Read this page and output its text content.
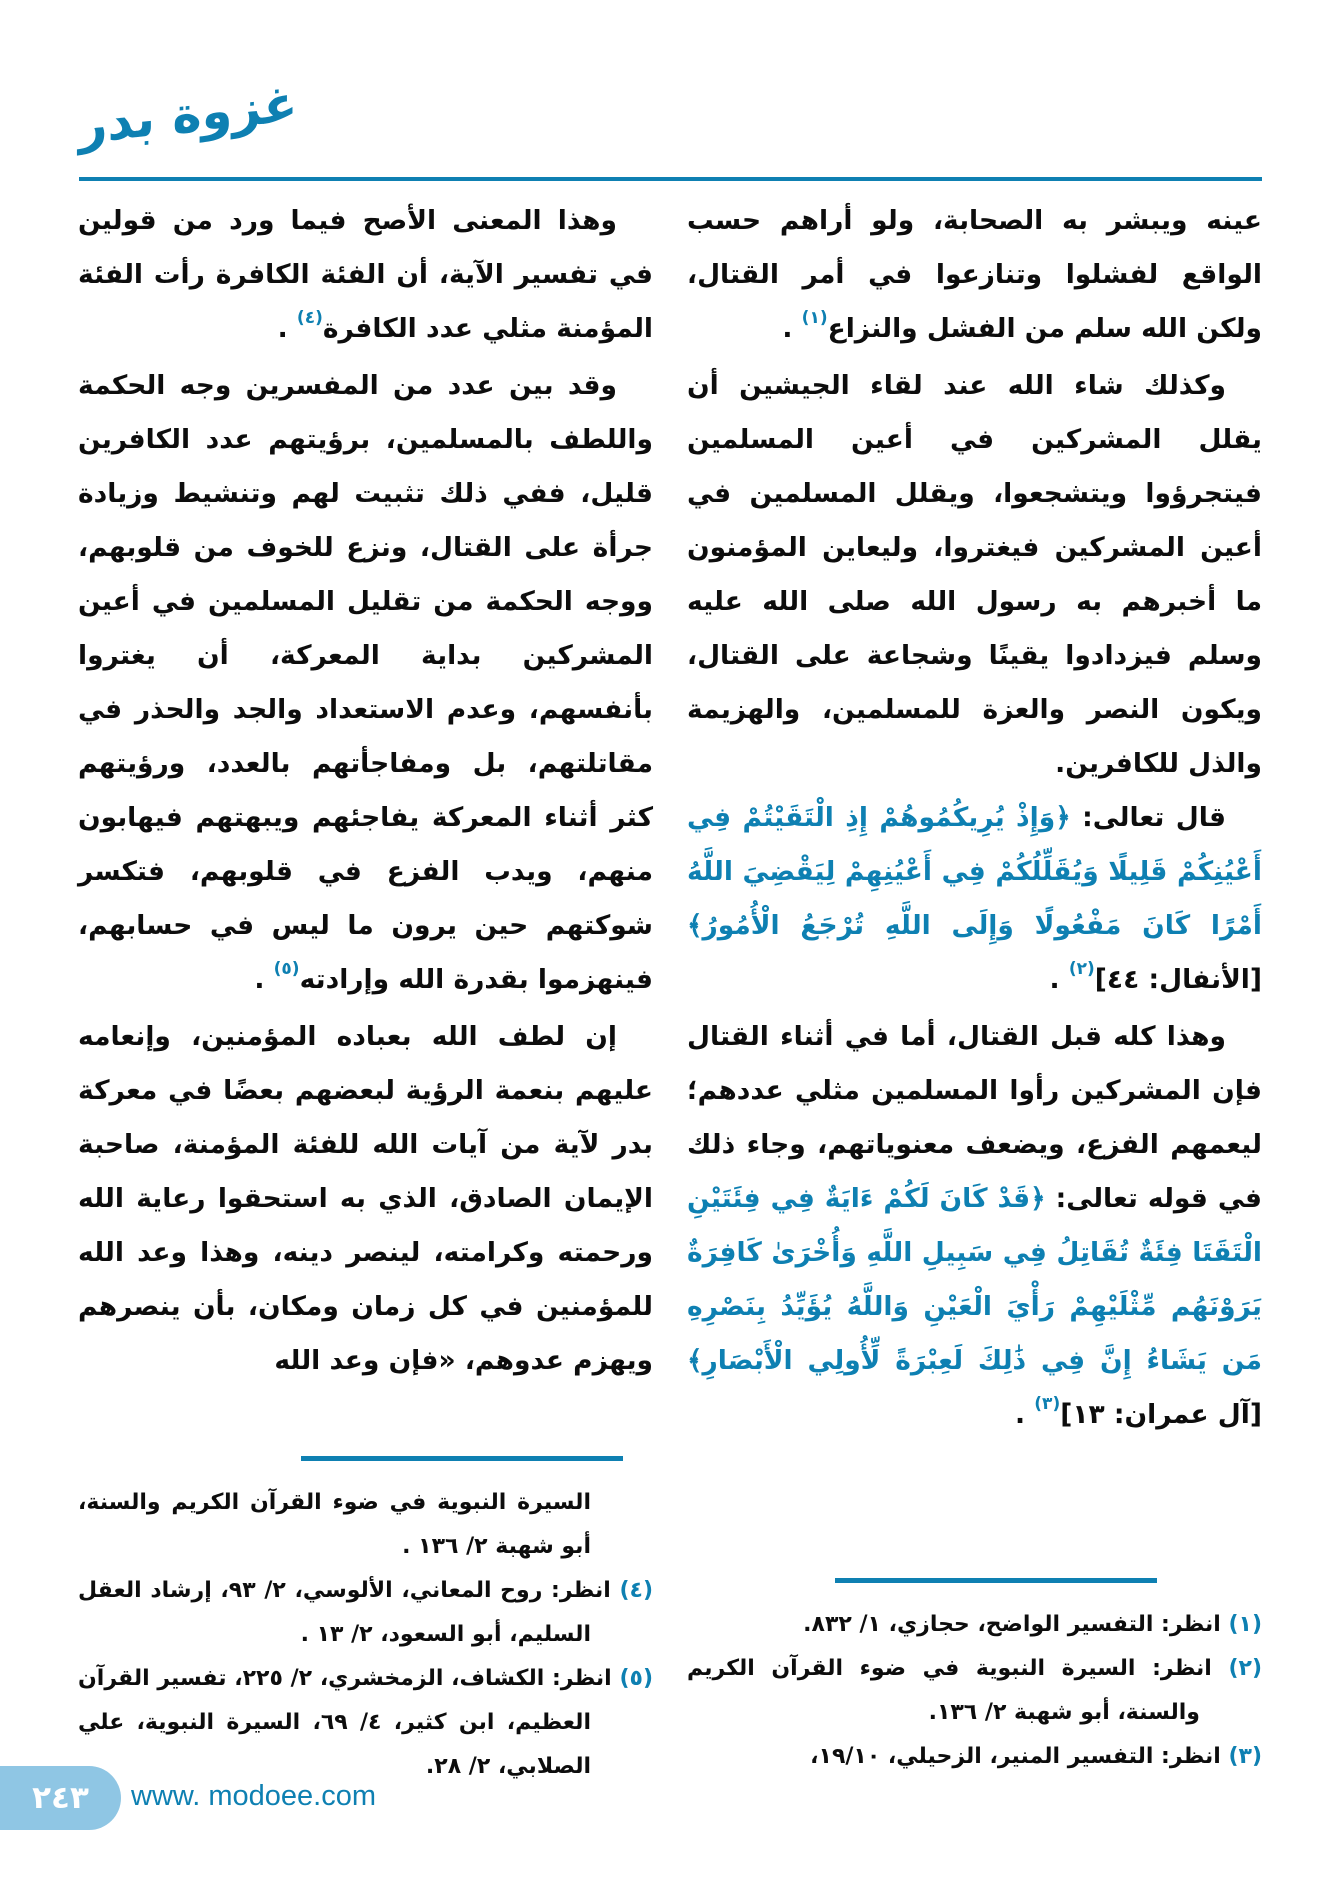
غزوة بدر

عينه ويبشر به الصحابة، ولو أراهم حسب الواقع لفشلوا وتنازعوا في أمر القتال، ولكن الله سلم من الفشل والنزاع$^{(١)}$ .

وكذلك شاء الله عند لقاء الجيشين أن يقلل المشركين في أعين المسلمين فيتجرؤوا ويتشجعوا، ويقلل المسلمين في أعين المشركين فيغتروا، وليعاين المؤمنون ما أخبرهم به رسول الله صلى الله عليه وسلم فيزدادوا يقينًا وشجاعة على القتال، ويكون النصر والعزة للمسلمين، والهزيمة والذل للكافرين.

قال تعالى: ﴿وَإِذْ يُرِيكُمُوهُمْ إِذِ الْتَقَيْتُمْ فِي أَعْيُنِكُمْ قَلِيلًا وَيُقَلِّلُكُمْ فِي أَعْيُنِهِمْ لِيَقْضِيَ اللَّهُ أَمْرًا كَانَ مَفْعُولًا وَإِلَى اللَّهِ تُرْجَعُ الْأُمُورُ﴾ [الأنفال: ٤٤]$^{(٢)}$ .

وهذا كله قبل القتال، أما في أثناء القتال فإن المشركين رأوا المسلمين مثلي عددهم؛ ليعمهم الفزع، ويضعف معنوياتهم، وجاء ذلك في قوله تعالى: ﴿قَدْ كَانَ لَكُمْ ءَايَةٌ فِي فِئَتَيْنِ الْتَقَتَا فِئَةٌ تُقَاتِلُ فِي سَبِيلِ اللَّهِ وَأُخْرَىٰ كَافِرَةٌ يَرَوْنَهُم مِّثْلَيْهِمْ رَأْيَ الْعَيْنِ وَاللَّهُ يُؤَيِّدُ بِنَصْرِهِ مَن يَشَاءُ إِنَّ فِي ذَٰلِكَ لَعِبْرَةً لِّأُولِي الْأَبْصَارِ﴾ [آل عمران: ١٣]$^{(٣)}$ .

(١) انظر: التفسير الواضح، حجازي، ١/ ٨٣٢.

(٢) انظر: السيرة النبوية في ضوء القرآن الكريم والسنة، أبو شهبة ٢/ ١٣٦.

(٣) انظر: التفسير المنير، الزحيلي، ١٩/١٠،

وهذا المعنى الأصح فيما ورد من قولين في تفسير الآية، أن الفئة الكافرة رأت الفئة المؤمنة مثلي عدد الكافرة$^{(٤)}$ .

وقد بين عدد من المفسرين وجه الحكمة واللطف بالمسلمين، برؤيتهم عدد الكافرين قليل، ففي ذلك تثبيت لهم وتنشيط وزيادة جرأة على القتال، ونزع للخوف من قلوبهم، ووجه الحكمة من تقليل المسلمين في أعين المشركين بداية المعركة، أن يغتروا بأنفسهم، وعدم الاستعداد والجد والحذر في مقاتلتهم، بل ومفاجأتهم بالعدد، ورؤيتهم كثر أثناء المعركة يفاجئهم ويبهتهم فيهابون منهم، ويدب الفزع في قلوبهم، فتكسر شوكتهم حين يرون ما ليس في حسابهم، فينهزموا بقدرة الله وإرادته$^{(٥)}$ .

إن لطف الله بعباده المؤمنين، وإنعامه عليهم بنعمة الرؤية لبعضهم بعضًا في معركة بدر لآية من آيات الله للفئة المؤمنة، صاحبة الإيمان الصادق، الذي به استحقوا رعاية الله ورحمته وكرامته، لينصر دينه، وهذا وعد الله للمؤمنين في كل زمان ومكان، بأن ينصرهم ويهزم عدوهم، «فإن وعد الله

السيرة النبوية في ضوء القرآن الكريم والسنة، أبو شهبة ٢/ ١٣٦ .

(٤) انظر: روح المعاني، الألوسي، ٢/ ٩٣، إرشاد العقل السليم، أبو السعود، ٢/ ١٣ .

(٥) انظر: الكشاف، الزمخشري، ٢/ ٢٢٥، تفسير القرآن العظيم، ابن كثير، ٤/ ٦٩، السيرة النبوية، علي الصلابي، ٢/ ٢٨.

٢٤٣ www. modoee.com
